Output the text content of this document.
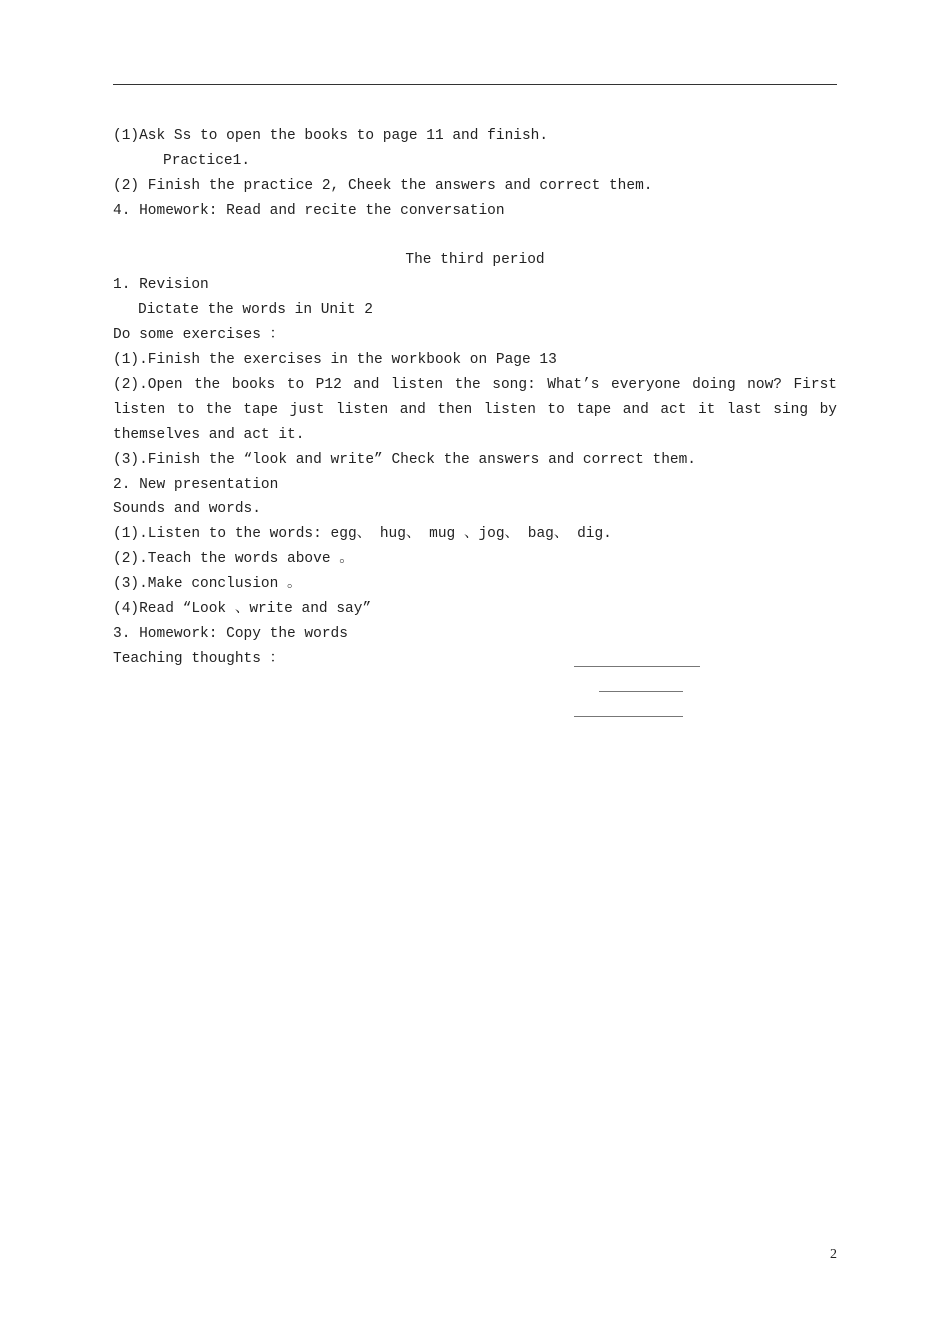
(1)Ask Ss to open the books to page 11 and finish.
Practice1.
(2) Finish the practice 2, Cheek the answers and correct them.
4. Homework: Read and recite the conversation
The third period
1. Revision
Dictate the words in Unit 2
Do some exercises ：
(1).Finish the exercises in the workbook on Page 13
(2).Open the books to P12 and listen the song: What’s everyone doing now? First
listen to the tape just listen and then listen to tape and act it last sing by
themselves and act it.
(3).Finish the “look and write” Check the answers and correct them.
2. New presentation
Sounds and words.
(1).Listen to the words: egg、 hug、 mug 、jog、 bag、 dig.
(2).Teach the words above 。
(3).Make conclusion 。
(4)Read “Look 、write and say”
3. Homework: Copy the words
Teaching thoughts ：
2
